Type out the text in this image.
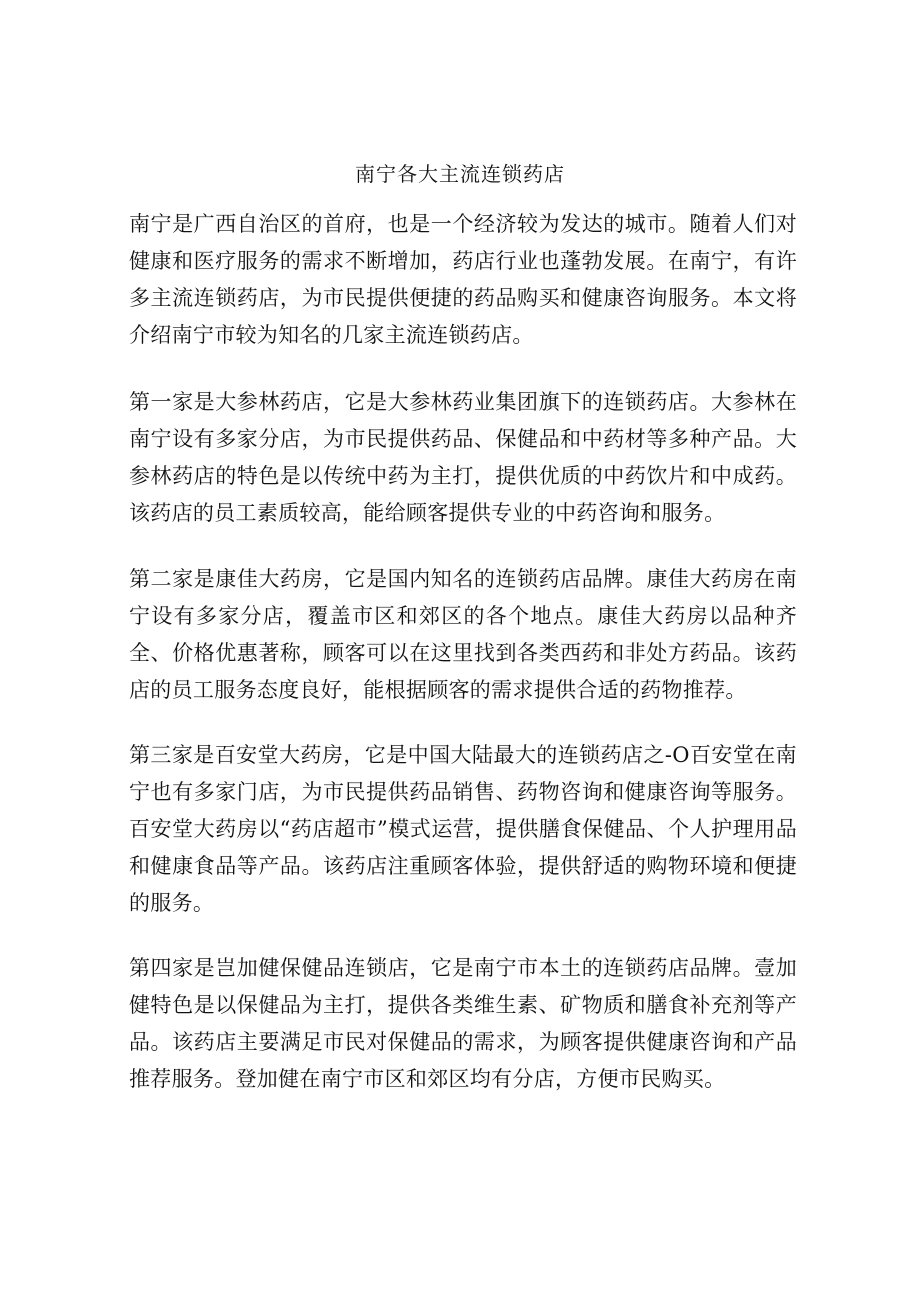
南宁各大主流连锁药店
南宁是广西自治区的首府，也是一个经济较为发达的城市。随着人们对健康和医疗服务的需求不断增加，药店行业也蓬勃发展。在南宁，有许多主流连锁药店，为市民提供便捷的药品购买和健康咨询服务。本文将介绍南宁市较为知名的几家主流连锁药店。
第一家是大参林药店，它是大参林药业集团旗下的连锁药店。大参林在南宁设有多家分店，为市民提供药品、保健品和中药材等多种产品。大参林药店的特色是以传统中药为主打，提供优质的中药饮片和中成药。该药店的员工素质较高，能给顾客提供专业的中药咨询和服务。
第二家是康佳大药房，它是国内知名的连锁药店品牌。康佳大药房在南宁设有多家分店，覆盖市区和郊区的各个地点。康佳大药房以品种齐全、价格优惠著称，顾客可以在这里找到各类西药和非处方药品。该药店的员工服务态度良好，能根据顾客的需求提供合适的药物推荐。
第三家是百安堂大药房，它是中国大陆最大的连锁药店之-O百安堂在南宁也有多家门店，为市民提供药品销售、药物咨询和健康咨询等服务。百安堂大药房以“药店超市”模式运营，提供膳食保健品、个人护理用品和健康食品等产品。该药店注重顾客体验，提供舒适的购物环境和便捷的服务。
第四家是岂加健保健品连锁店，它是南宁市本土的连锁药店品牌。壹加健特色是以保健品为主打，提供各类维生素、矿物质和膳食补充剂等产品。该药店主要满足市民对保健品的需求，为顾客提供健康咨询和产品推荐服务。登加健在南宁市区和郊区均有分店，方便市民购买。
